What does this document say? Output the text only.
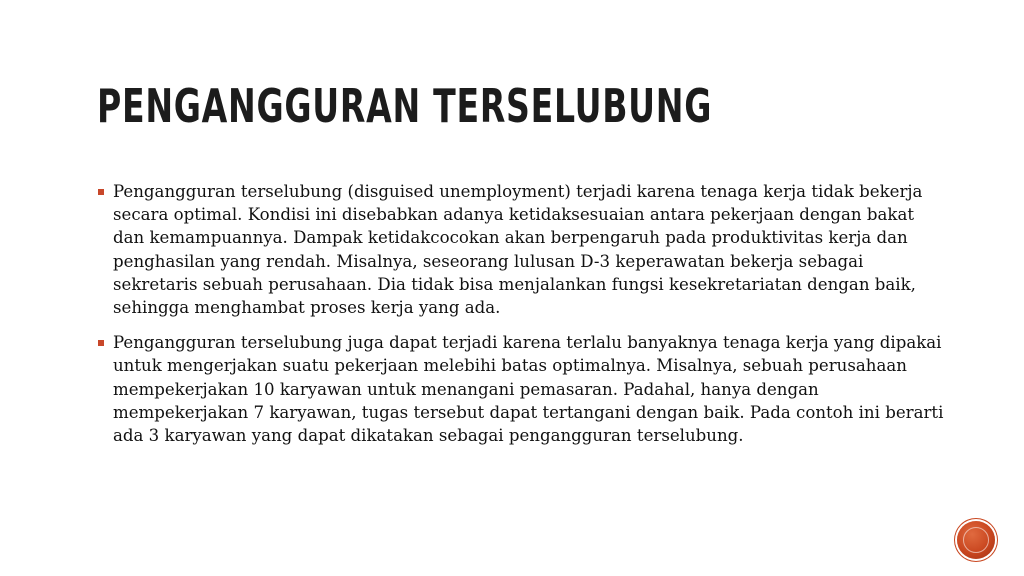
PENGANGGURAN TERSELUBUNG

Pengangguran terselubung (disguised unemployment) terjadi karena tenaga kerja tidak bekerja secara optimal. Kondisi ini disebabkan adanya ketidaksesuaian antara pekerjaan dengan bakat dan kemampuannya. Dampak ketidakcocokan akan berpengaruh pada produktivitas kerja dan penghasilan yang rendah. Misalnya, seseorang lulusan D-3 keperawatan bekerja sebagai sekretaris sebuah perusahaan. Dia tidak bisa menjalankan fungsi kesekretariatan dengan baik, sehingga menghambat proses kerja yang ada.

Pengangguran terselubung juga dapat terjadi karena terlalu banyaknya tenaga kerja yang dipakai untuk mengerjakan suatu pekerjaan melebihi batas optimalnya. Misalnya, sebuah perusahaan mempekerjakan 10 karyawan untuk menangani pemasaran. Padahal, hanya dengan mempekerjakan 7 karyawan, tugas tersebut dapat tertangani dengan baik. Pada contoh ini berarti ada 3 karyawan yang dapat dikatakan sebagai pengangguran terselubung.
